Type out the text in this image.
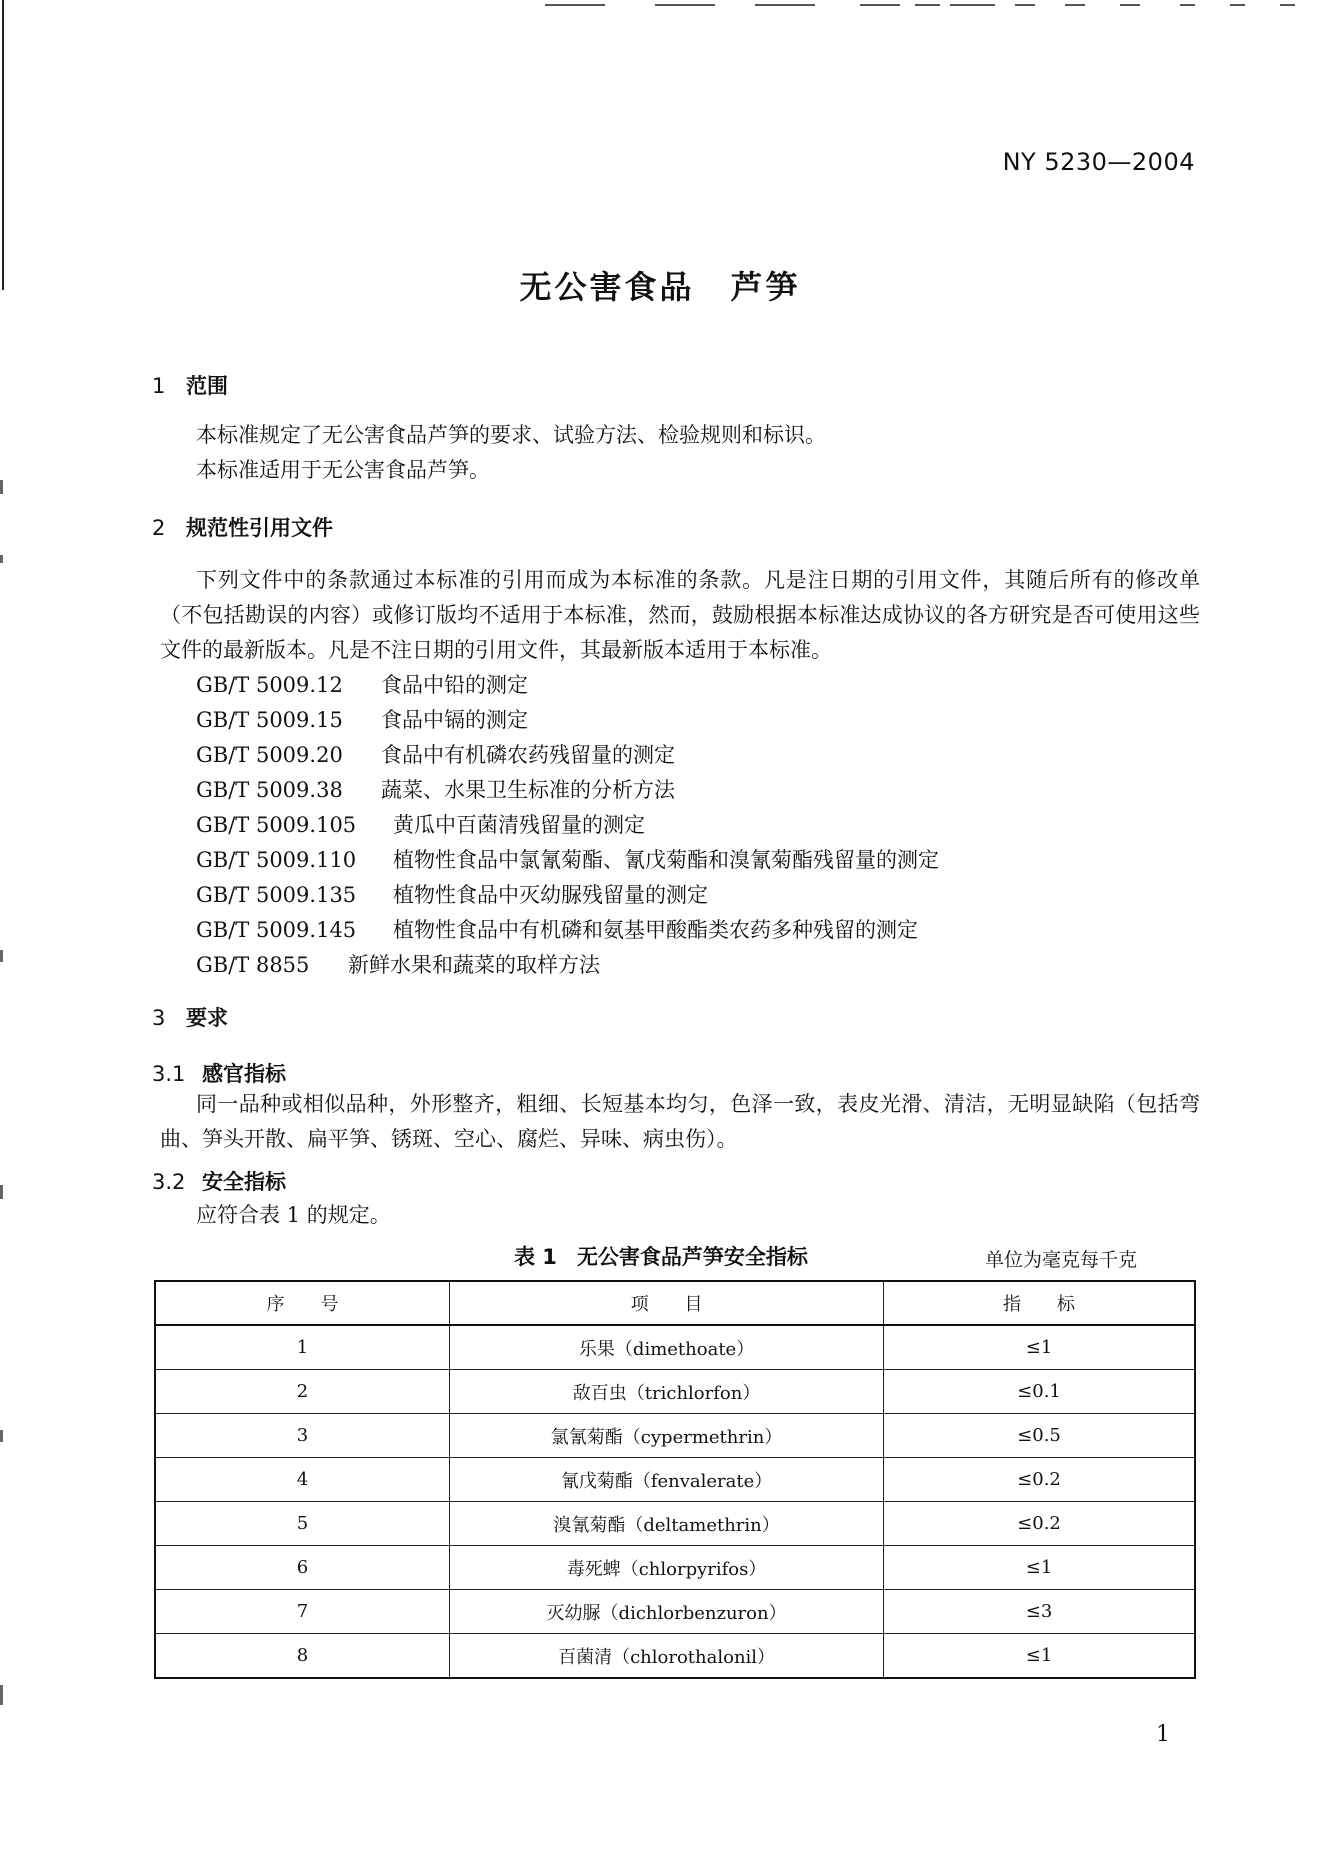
NY 5230—2004
无公害食品 芦笋
1 范围
本标准规定了无公害食品芦笋的要求、试验方法、检验规则和标识。
本标准适用于无公害食品芦笋。
2 规范性引用文件
下列文件中的条款通过本标准的引用而成为本标准的条款。凡是注日期的引用文件，其随后所有的修改单（不包括勘误的内容）或修订版均不适用于本标准，然而，鼓励根据本标准达成协议的各方研究是否可使用这些文件的最新版本。凡是不注日期的引用文件，其最新版本适用于本标准。
GB/T 5009.12 食品中铅的测定
GB/T 5009.15 食品中镉的测定
GB/T 5009.20 食品中有机磷农药残留量的测定
GB/T 5009.38 蔬菜、水果卫生标准的分析方法
GB/T 5009.105 黄瓜中百菌清残留量的测定
GB/T 5009.110 植物性食品中氯氰菊酯、氰戊菊酯和溴氰菊酯残留量的测定
GB/T 5009.135 植物性食品中灭幼脲残留量的测定
GB/T 5009.145 植物性食品中有机磷和氨基甲酸酯类农药多种残留的测定
GB/T 8855 新鲜水果和蔬菜的取样方法
3 要求
3.1 感官指标
同一品种或相似品种，外形整齐，粗细、长短基本均匀，色泽一致，表皮光滑、清洁，无明显缺陷（包括弯曲、笋头开散、扁平笋、锈斑、空心、腐烂、异味、病虫伤）。
3.2 安全指标
应符合表 1 的规定。
表 1 无公害食品芦笋安全指标	单位为毫克每千克
序　　号	项　　目	指　　标
1	乐果（dimethoate）	≤1
2	敌百虫（trichlorfon）	≤0.1
3	氯氰菊酯（cypermethrin）	≤0.5
4	氰戊菊酯（fenvalerate）	≤0.2
5	溴氰菊酯（deltamethrin）	≤0.2
6	毒死蜱（chlorpyrifos）	≤1
7	灭幼脲（dichlorbenzuron）	≤3
8	百菌清（chlorothalonil）	≤1
1
